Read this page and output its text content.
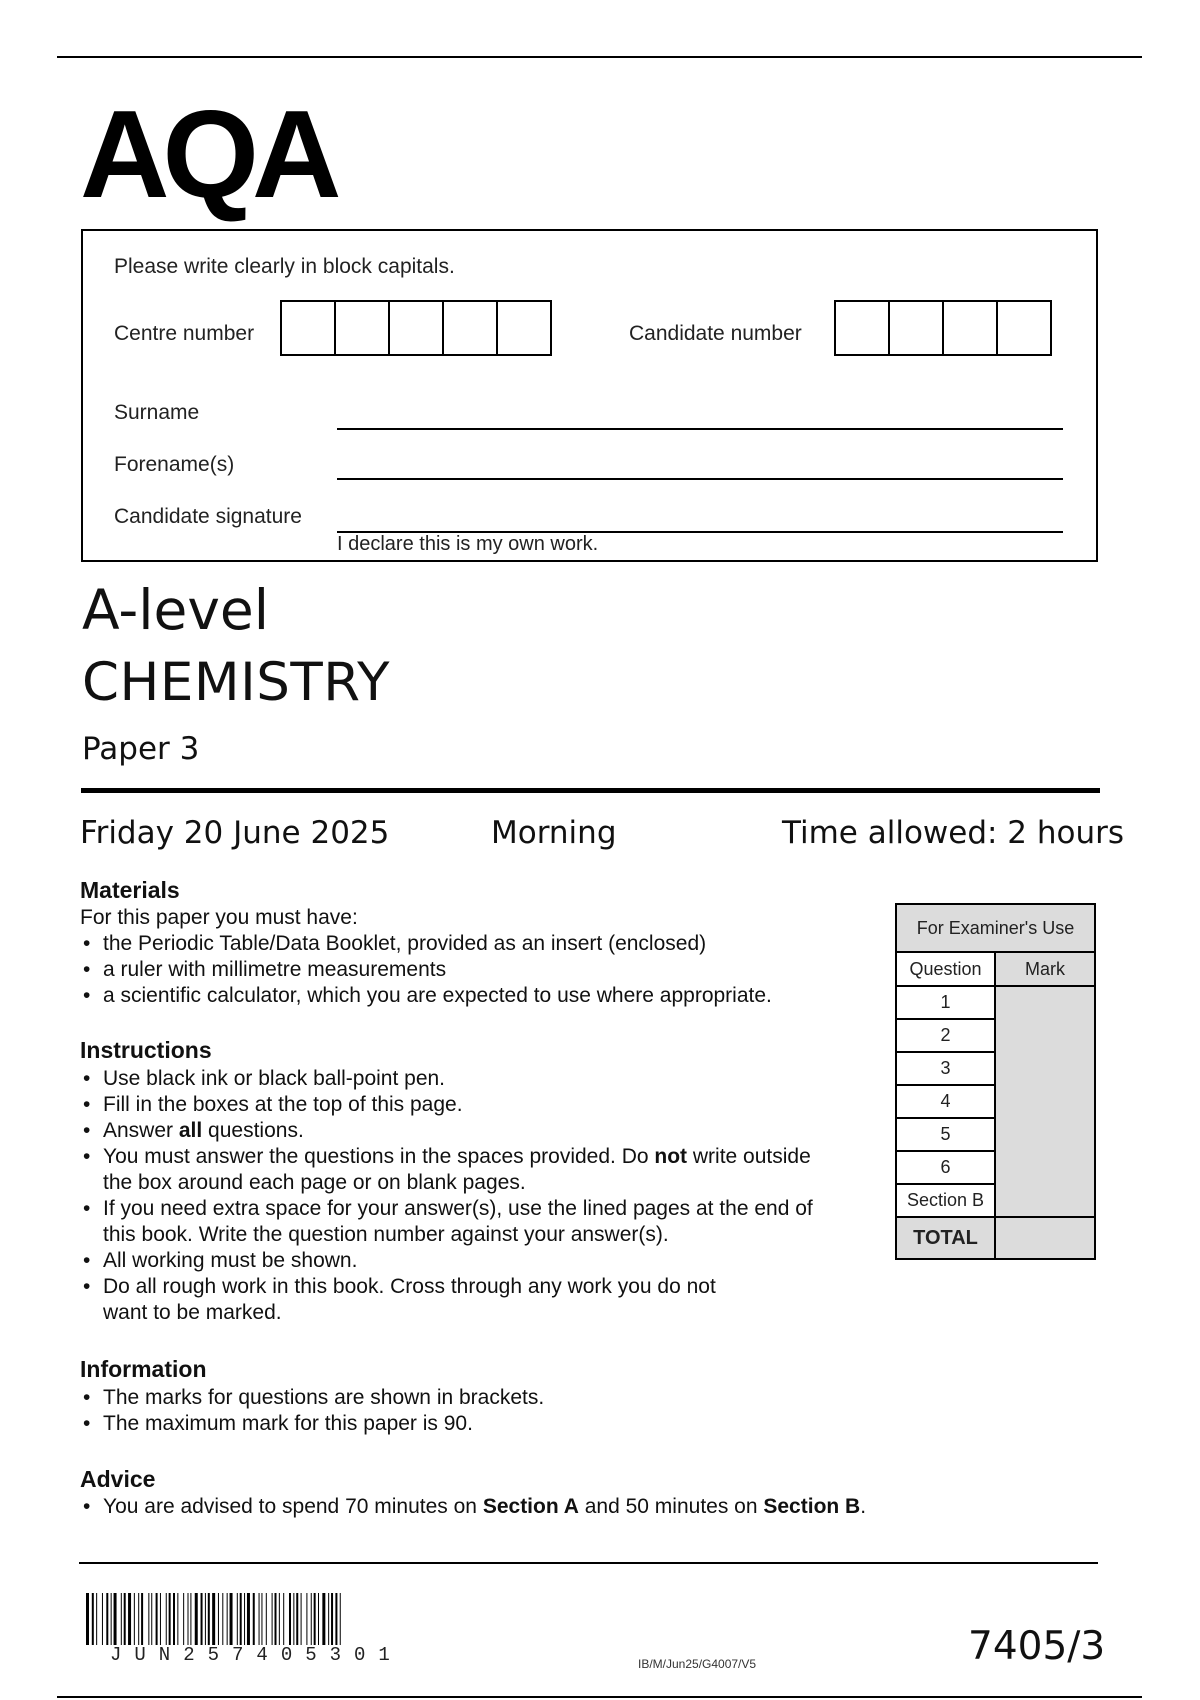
AQA
Please write clearly in block capitals.
Centre number	Candidate number
Surname
Forename(s)
Candidate signature
I declare this is my own work.
A-level
CHEMISTRY
Paper 3
Friday 20 June 2025	Morning	Time allowed: 2 hours
Materials
For this paper you must have:
• the Periodic Table/Data Booklet, provided as an insert (enclosed)
• a ruler with millimetre measurements
• a scientific calculator, which you are expected to use where appropriate.
Instructions
• Use black ink or black ball-point pen.
• Fill in the boxes at the top of this page.
• Answer all questions.
• You must answer the questions in the spaces provided. Do not write outside
the box around each page or on blank pages.
• If you need extra space for your answer(s), use the lined pages at the end of
this book. Write the question number against your answer(s).
• All working must be shown.
• Do all rough work in this book. Cross through any work you do not
want to be marked.
Information
• The marks for questions are shown in brackets.
• The maximum mark for this paper is 90.
Advice
• You are advised to spend 70 minutes on Section A and 50 minutes on Section B.
For Examiner's Use	
Question	Mark
1	
2	
3	
4	
5	
6	
Section B	
TOTAL	
JUN257405301	IB/M/Jun25/G4007/V5	7405/3
